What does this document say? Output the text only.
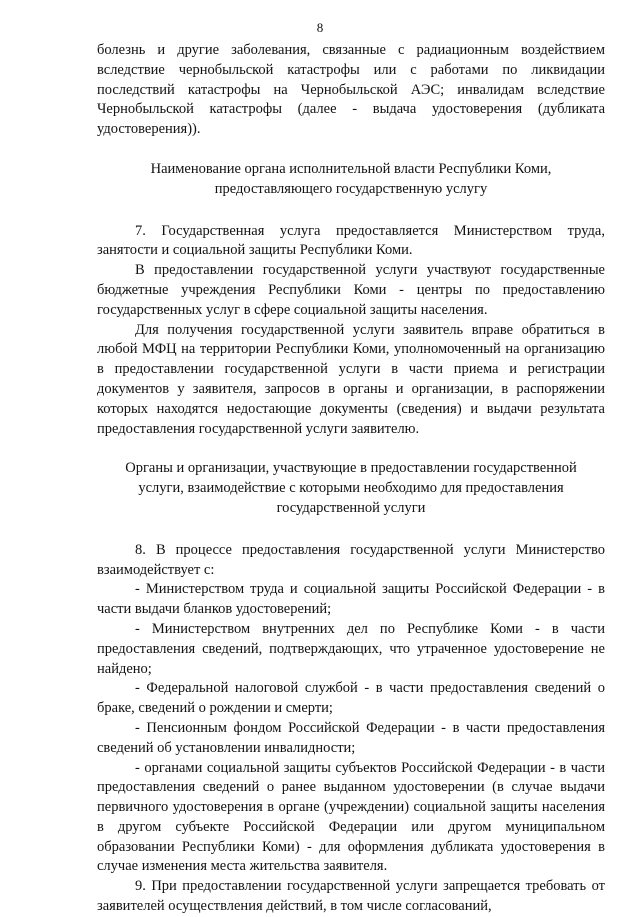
8

болезнь и другие заболевания, связанные с радиационным воздействием вследствие чернобыльской катастрофы или с работами по ликвидации последствий катастрофы на Чернобыльской АЭС; инвалидам вследствие Чернобыльской катастрофы (далее - выдача удостоверения (дубликата удостоверения)).

Наименование органа исполнительной власти Республики Коми,
предоставляющего государственную услугу

7. Государственная услуга предоставляется Министерством труда, занятости и социальной защиты Республики Коми.

В предоставлении государственной услуги участвуют государственные бюджетные учреждения Республики Коми - центры по предоставлению государственных услуг в сфере социальной защиты населения.

Для получения государственной услуги заявитель вправе обратиться в любой МФЦ на территории Республики Коми, уполномоченный на организацию в предоставлении государственной услуги в части приема и регистрации документов у заявителя, запросов в органы и организации, в распоряжении которых находятся недостающие документы (сведения) и выдачи результата предоставления государственной услуги заявителю.

Органы и организации, участвующие в предоставлении государственной
услуги, взаимодействие с которыми необходимо для предоставления
государственной услуги

8. В процессе предоставления государственной услуги Министерство взаимодействует с:

- Министерством труда и социальной защиты Российской Федерации - в части выдачи бланков удостоверений;

- Министерством внутренних дел по Республике Коми - в части предоставления сведений, подтверждающих, что утраченное удостоверение не найдено;

- Федеральной налоговой службой - в части предоставления сведений о браке, сведений о рождении и смерти;

- Пенсионным фондом Российской Федерации - в части предоставления сведений об установлении инвалидности;

- органами социальной защиты субъектов Российской Федерации - в части предоставления сведений о ранее выданном удостоверении (в случае выдачи первичного удостоверения в органе (учреждении) социальной защиты населения в другом субъекте Российской Федерации или другом муниципальном образовании Республики Коми) - для оформления дубликата удостоверения в случае изменения места жительства заявителя.

9. При предоставлении государственной услуги запрещается требовать от заявителей осуществления действий, в том числе согласований,
